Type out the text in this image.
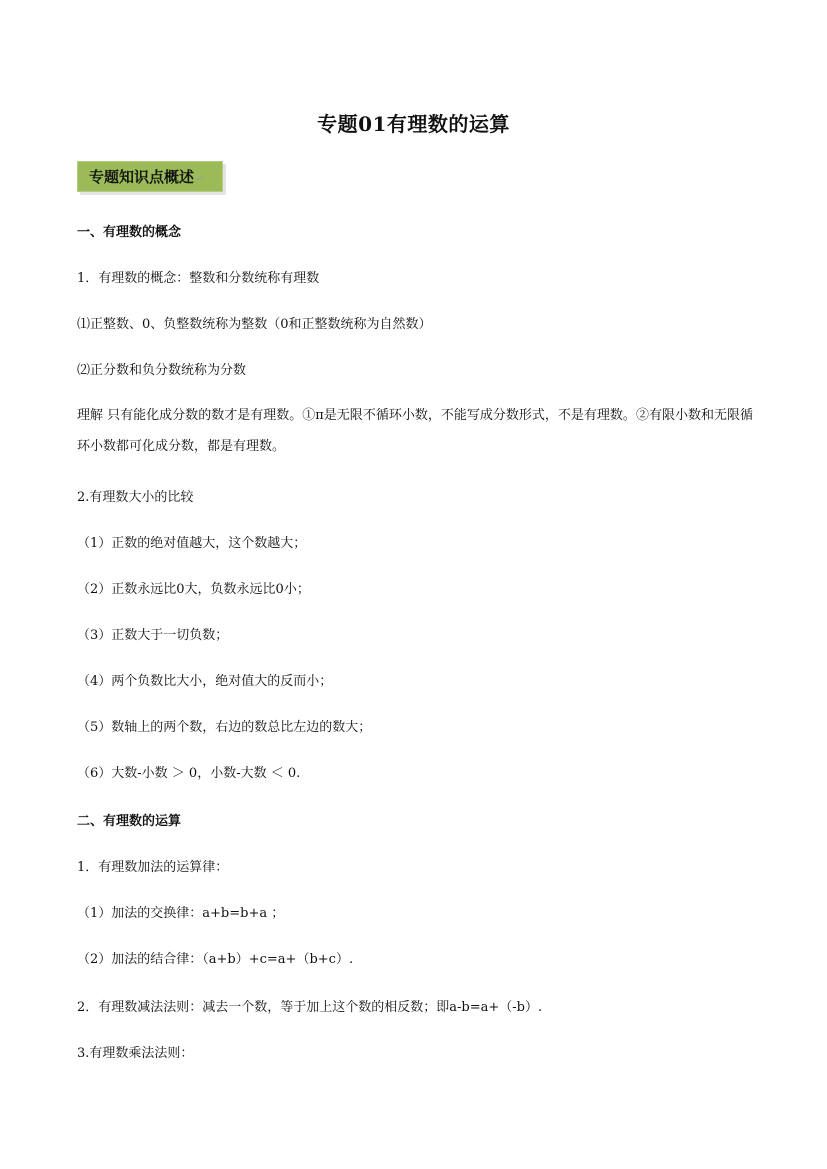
专题01有理数的运算
专题知识点概述↵
一、有理数的概念
1．有理数的概念：整数和分数统称有理数
⑴正整数、0、负整数统称为整数（0和正整数统称为自然数）
⑵正分数和负分数统称为分数
理解 只有能化成分数的数才是有理数。①π是无限不循环小数，不能写成分数形式，不是有理数。②有限小数和无限循环小数都可化成分数，都是有理数。
2.有理数大小的比较
（1）正数的绝对值越大，这个数越大；
（2）正数永远比0大，负数永远比0小；
（3）正数大于一切负数；
（4）两个负数比大小，绝对值大的反而小；
（5）数轴上的两个数，右边的数总比左边的数大；
（6）大数-小数 ＞ 0，小数-大数 ＜ 0.
二、有理数的运算
1．有理数加法的运算律：
（1）加法的交换律：a+b=b+a ；
（2）加法的结合律：（a+b）+c=a+（b+c）.
2．有理数减法法则：减去一个数，等于加上这个数的相反数；即a-b=a+（-b）.
3.有理数乘法法则：
